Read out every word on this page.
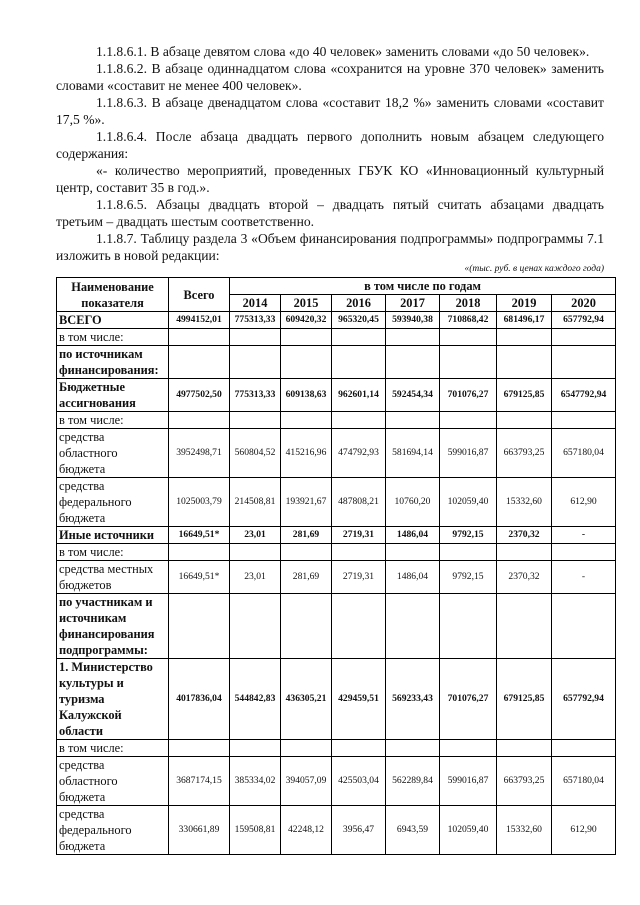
1.1.8.6.1. В абзаце девятом слова «до 40 человек» заменить словами «до 50 человек».

1.1.8.6.2. В абзаце одиннадцатом слова «сохранится на уровне 370 человек» заменить словами «составит не менее 400 человек».

1.1.8.6.3. В абзаце двенадцатом слова «составит 18,2 %» заменить словами «составит 17,5 %».

1.1.8.6.4. После абзаца двадцать первого дополнить новым абзацем следующего содержания:

«- количество мероприятий, проведенных ГБУК КО «Инновационный культурный центр, составит 35 в год.».

1.1.8.6.5. Абзацы двадцать второй – двадцать пятый считать абзацами двадцать третьим – двадцать шестым соответственно.

1.1.8.7. Таблицу раздела 3 «Объем финансирования подпрограммы» подпрограммы 7.1 изложить в новой редакции:

«(тыс. руб. в ценах каждого года)
Наименование показателя	Всего	в том числе по годам						
		2014	2015	2016	2017	2018	2019	2020
ВСЕГО	4994152,01	775313,33	609420,32	965320,45	593940,38	710868,42	681496,17	657792,94
в том числе:								
по источникам финансирования:								
Бюджетные ассигнования	4977502,50	775313,33	609138,63	962601,14	592454,34	701076,27	679125,85	6547792,94
в том числе:								
средства областного бюджета	3952498,71	560804,52	415216,96	474792,93	581694,14	599016,87	663793,25	657180,04
средства федерального бюджета	1025003,79	214508,81	193921,67	487808,21	10760,20	102059,40	15332,60	612,90
Иные источники	16649,51*	23,01	281,69	2719,31	1486,04	9792,15	2370,32	-
в том числе:								
средства местных бюджетов	16649,51*	23,01	281,69	2719,31	1486,04	9792,15	2370,32	-
по участникам и источникам финансирования подпрограммы:								
1. Министерство культуры и туризма Калужской области	4017836,04	544842,83	436305,21	429459,51	569233,43	701076,27	679125,85	657792,94
в том числе:								
средства областного бюджета	3687174,15	385334,02	394057,09	425503,04	562289,84	599016,87	663793,25	657180,04
средства федерального бюджета	330661,89	159508,81	42248,12	3956,47	6943,59	102059,40	15332,60	612,90
